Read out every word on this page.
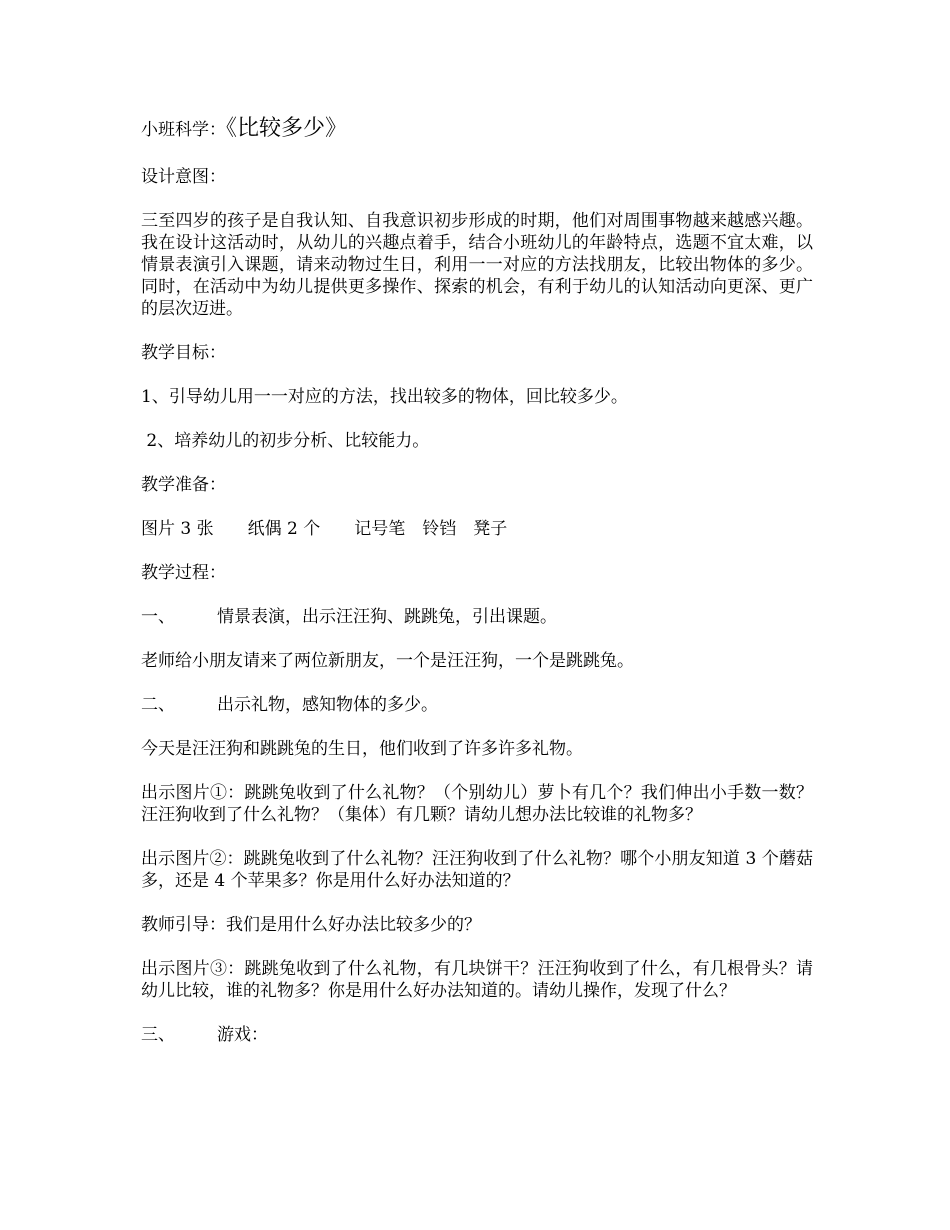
小班科学：《比较多少》

设计意图：

三至四岁的孩子是自我认知、自我意识初步形成的时期，他们对周围事物越来越感兴趣。我在设计这活动时，从幼儿的兴趣点着手，结合小班幼儿的年龄特点，选题不宜太难，以情景表演引入课题，请来动物过生日，利用一一对应的方法找朋友，比较出物体的多少。同时，在活动中为幼儿提供更多操作、探索的机会，有利于幼儿的认知活动向更深、更广的层次迈进。

教学目标：

1、引导幼儿用一一对应的方法，找出较多的物体，回比较多少。

2、培养幼儿的初步分析、比较能力。

教学准备：

图片 3 张　　纸偶 2 个　　记号笔　铃铛　凳子

教学过程：

一、 情景表演，出示汪汪狗、跳跳兔，引出课题。

老师给小朋友请来了两位新朋友，一个是汪汪狗，一个是跳跳兔。

二、 出示礼物，感知物体的多少。

今天是汪汪狗和跳跳兔的生日，他们收到了许多许多礼物。

出示图片①：跳跳兔收到了什么礼物？（个别幼儿）萝卜有几个？我们伸出小手数一数？汪汪狗收到了什么礼物？（集体）有几颗？请幼儿想办法比较谁的礼物多？

出示图片②：跳跳兔收到了什么礼物？汪汪狗收到了什么礼物？哪个小朋友知道 3 个蘑菇多，还是 4 个苹果多？你是用什么好办法知道的？

教师引导：我们是用什么好办法比较多少的？

出示图片③：跳跳兔收到了什么礼物，有几块饼干？汪汪狗收到了什么，有几根骨头？请幼儿比较，谁的礼物多？你是用什么好办法知道的。请幼儿操作，发现了什么？

三、 游戏：
